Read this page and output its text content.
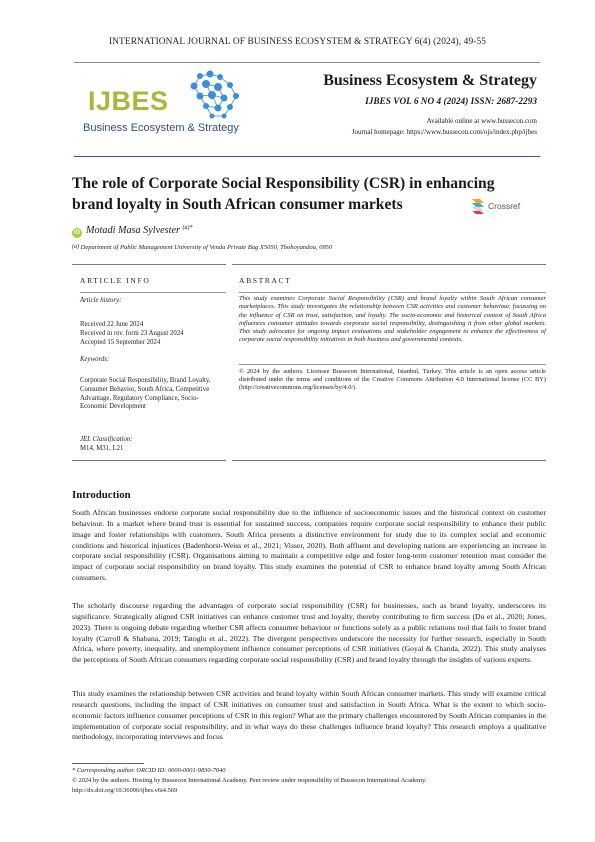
INTERNATIONAL JOURNAL OF BUSINESS ECOSYSTEM & STRATEGY 6(4) (2024), 49-55
IJBES
Business Ecosystem & Strategy
Business Ecosystem & Strategy
IJBES VOL 6 NO 4 (2024) ISSN: 2687-2293
Available online at www.bussecon.com
Journal homepage: https://www.bussecon.com/ojs/index.php/ijbes
The role of Corporate Social Responsibility (CSR) in enhancing brand loyalty in South African consumer markets	Crossref
iD Motadi Masa Sylvester $^{(a)*}$
(a) Department of Public Management University of Venda Private Bag X5050, Thohoyandou, 0950
ARTICLE INFO
Article history:
Received 22 June 2024
Received in rev. form 23 August 2024
Accepted 15 September 2024
Keywords:
Corporate Social Responsibility, Brand Loyalty, Consumer Behavior, South Africa, Competitive Advantage, Regulatory Compliance, Socio-Economic Development
JEL Classification:
M14, M31, L21
ABSTRACT
This study examines Corporate Social Responsibility (CSR) and brand loyalty within South African consumer marketplaces. This study investigates the relationship between CSR activities and customer behaviour, focussing on the influence of CSR on trust, satisfaction, and loyalty. The socio-economic and historical context of South Africa influences consumer attitudes towards corporate social responsibility, distinguishing it from other global markets. This study advocates for ongoing impact evaluations and stakeholder engagement to enhance the effectiveness of corporate social responsibility initiatives in both business and governmental contexts.
© 2024 by the authors. Licensee Bussecon International, Istanbul, Turkey. This article is an open access article distributed under the terms and conditions of the Creative Commons Attribution 4.0 International license (CC BY) (http://creativecommons.org/licenses/by/4.0/).
Introduction

South African businesses endorse corporate social responsibility due to the influence of socioeconomic issues and the historical context on customer behaviour. In a market where brand trust is essential for sustained success, companies require corporate social responsibility to enhance their public image and foster relationships with customers. South Africa presents a distinctive environment for study due to its complex social and economic conditions and historical injustices (Badenhorst-Weiss et al., 2021; Visser, 2020). Both affluent and developing nations are experiencing an increase in corporate social responsibility (CSR). Organisations aiming to maintain a competitive edge and foster long-term customer retention must consider the impact of corporate social responsibility on brand loyalty. This study examines the potential of CSR to enhance brand loyalty among South African consumers.

The scholarly discourse regarding the advantages of corporate social responsibility (CSR) for businesses, such as brand loyalty, underscores its significance. Strategically aligned CSR initiatives can enhance customer trust and loyalty, thereby contributing to firm success (Du et al., 2020; Jones, 2023). There is ongoing debate regarding whether CSR affects consumer behaviour or functions solely as a public relations tool that fails to foster brand loyalty (Carroll & Shabana, 2019; Tatoglu et al., 2022). The divergent perspectives underscore the necessity for further research, especially in South Africa, where poverty, inequality, and unemployment influence consumer perceptions of CSR initiatives (Goyal & Chanda, 2022). This study analyses the perceptions of South African consumers regarding corporate social responsibility (CSR) and brand loyalty through the insights of various experts.

This study examines the relationship between CSR activities and brand loyalty within South African consumer markets. This study will examine critical research questions, including the impact of CSR initiatives on consumer trust and satisfaction in South Africa. What is the extent to which socio-economic factors influence consumer perceptions of CSR in this region? What are the primary challenges encountered by South African companies in the implementation of corporate social responsibility, and in what ways do these challenges influence brand loyalty? This research employs a qualitative methodology, incorporating interviews and focus

* Corresponding author. ORCID ID: 0000-0001-9830-7040
© 2024 by the authors. Hosting by Bussecon International Academy. Peer review under responsibility of Bussecon International Academy.
http://dx.doi.org/10.36096/ijbes.v6i4.569
